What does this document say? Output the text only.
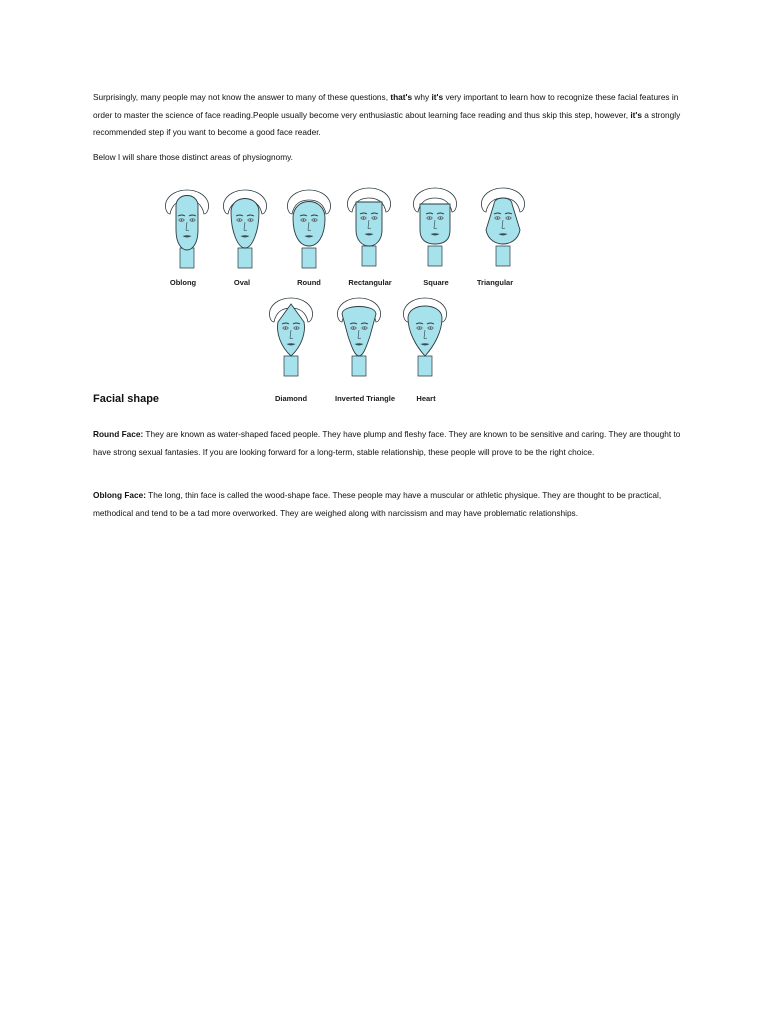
Surprisingly, many people may not know the answer to many of these questions, that's why it's very important to learn how to recognize these facial features in order to master the science of face reading.People usually become very enthusiastic about learning face reading and thus skip this step, however, it's a strongly recommended step if you want to become a good face reader.

Below I will share those distinct areas of physiognomy.

Oblong	Oval	Round	Rectangular	Square	Triangular
Diamond	Inverted Triangle	Heart

Facial shape

Round Face: They are known as water-shaped faced people. They have plump and fleshy face. They are known to be sensitive and caring. They are thought to have strong sexual fantasies. If you are looking forward for a long-term, stable relationship, these people will prove to be the right choice.

Oblong Face: The long, thin face is called the wood-shape face. These people may have a muscular or athletic physique. They are thought to be practical, methodical and tend to be a tad more overworked. They are weighed along with narcissism and may have problematic relationships.
